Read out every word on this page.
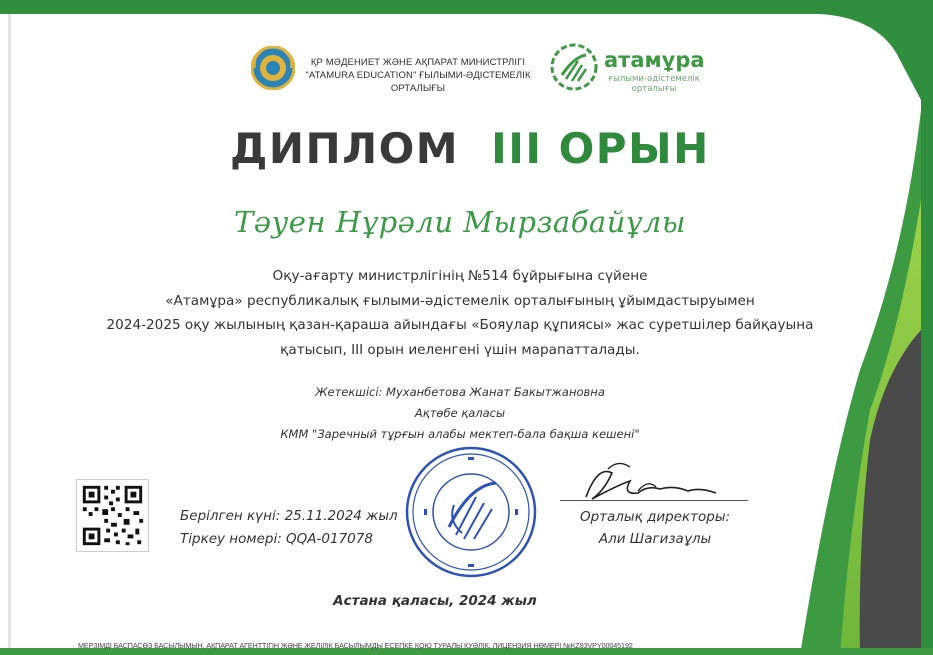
ҚР МӘДЕНИЕТ ЖӘНЕ АҚПАРАТ МИНИСТРЛІГІ
"ATAMURA EDUCATION" ҒЫЛЫМИ-ӘДІСТЕМЕЛІК ОРТАЛЫҒЫ
атамұра
ғылыми-әдістемелік
орталығы
ДИПЛОМ III ОРЫН
Тәуен Нұрәли Мырзабайұлы
Оқу-ағарту министрлігінің №514 бұйрығына сүйене
«Атамұра» республикалық ғылыми-әдістемелік орталығының ұйымдастыруымен
2024-2025 оқу жылының қазан-қараша айындағы «Бояулар құпиясы» жас суретшілер байқауына
қатысып, III орын иеленгені үшін марапатталады.
Жетекшісі: Муханбетова Жанат Бакытжановна
Ақтөбе қаласы
КММ "Заречный тұрғын алабы мектеп-бала бақша кешені"
Берілген күні: 25.11.2024 жыл
Тіркеу номері: QQA-017078
Орталық директоры:
Али Шагизаұлы
Астана қаласы, 2024 жыл
МЕРЗІМДІ БАСПАСӨЗ БАСЫЛЫМЫН, АҚПАРАТ АГЕНТТІГІН ЖӘНЕ ЖЕЛІЛІК БАСЫЛЫМДЫ ЕСЕПКЕ ҚОЮ ТУРАЛЫ КУӘЛІК, ЛИЦЕНЗИЯ НӨМЕРІ №KZ83VPY00045192
